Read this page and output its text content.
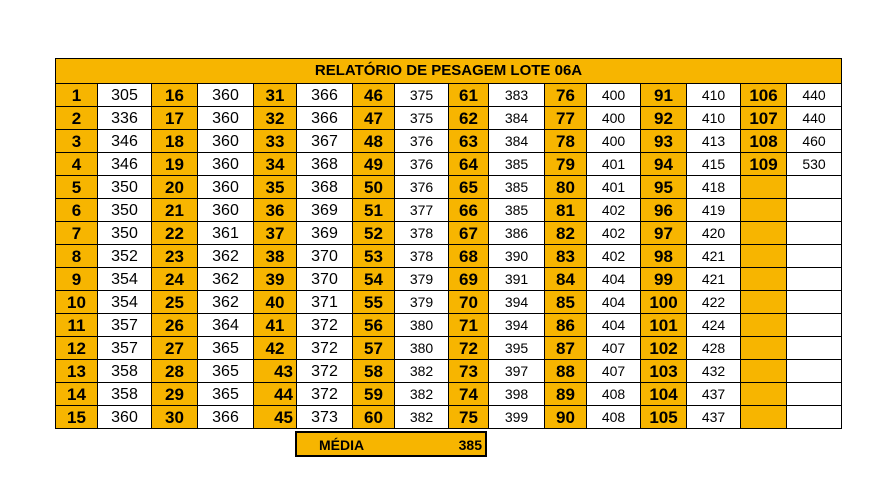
RELATÓRIO DE PESAGEM LOTE 06A															
1	305	16	360	31	366	46	375	61	383	76	400	91	410	106	440
2	336	17	360	32	366	47	375	62	384	77	400	92	410	107	440
3	346	18	360	33	367	48	376	63	384	78	400	93	413	108	460
4	346	19	360	34	368	49	376	64	385	79	401	94	415	109	530
5	350	20	360	35	368	50	376	65	385	80	401	95	418		
6	350	21	360	36	369	51	377	66	385	81	402	96	419		
7	350	22	361	37	369	52	378	67	386	82	402	97	420		
8	352	23	362	38	370	53	378	68	390	83	402	98	421		
9	354	24	362	39	370	54	379	69	391	84	404	99	421		
10	354	25	362	40	371	55	379	70	394	85	404	100	422		
11	357	26	364	41	372	56	380	71	394	86	404	101	424		
12	357	27	365	42	372	57	380	72	395	87	407	102	428		
13	358	28	365	43	372	58	382	73	397	88	407	103	432		
14	358	29	365	44	372	59	382	74	398	89	408	104	437		
15	360	30	366	45	373	60	382	75	399	90	408	105	437		
MÉDIA	385
